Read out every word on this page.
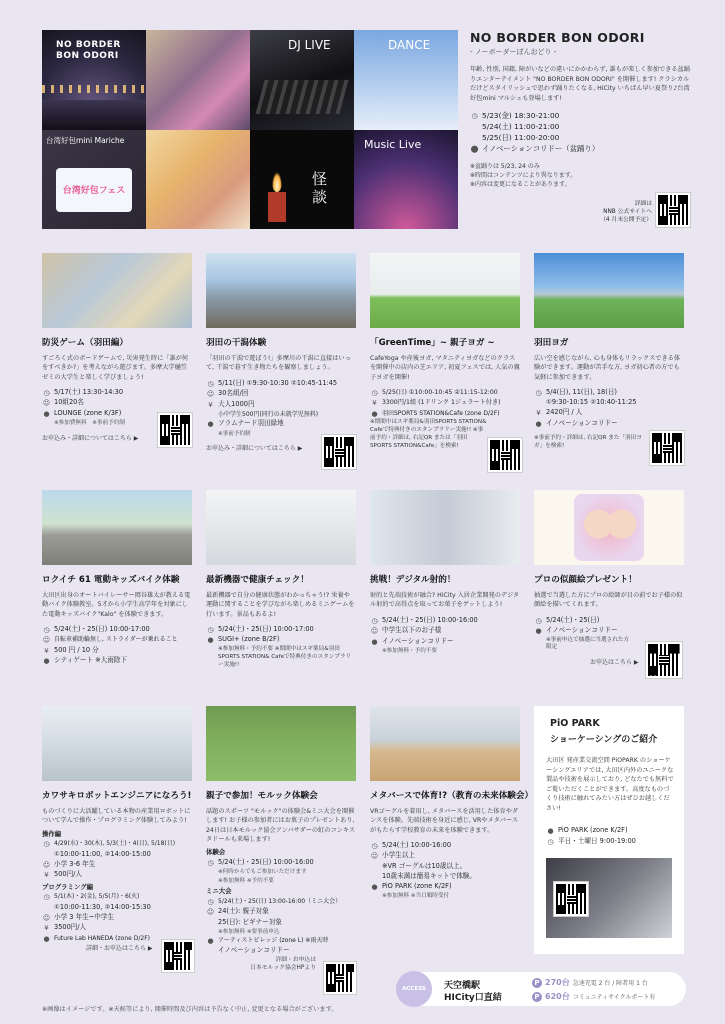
NO BORDER
BON ODORI
DJ LIVE	DANCE
台湾好包mini Mariche
台湾好包フェス
怪談
Music Live
NO BORDER BON ODORI
- ノーボーダーぼんおどり -
年齢, 性別, 国籍, 障がいなどの違いにかかわらず, 誰もが楽しく参加できる盆踊りエンターテイメント "NO BORDER BON ODORI" を開催します! クラシカルだけどスタイリッシュで思わず踊りたくなる, HiCity いちばん早い夏祭り♪台湾好包mini マルシェも登場します!
◷ 5/23(金) 18:30-21:00
5/24(土) 11:00-21:00
5/25(日) 11:00-20:00
⬤ イノベーションコリドー（盆踊り）
※盆踊りは 5/23, 24 のみ
※時間はコンテンツにより異なります。
※内容は変更になることがあります。
詳細は
NNB 公式サイトへ
（4 月末公開予定）
防災ゲーム（羽田編）
すごろく式のボードゲームで, 災害発生時に「誰が何をすべきか?」を考えながら遊びます。多摩大学樋笠ゼミの大学生と楽しく学びましょう!
◷ 5/17(土) 13:30-14:30
☺ 10組20名
● LOUNGE (zone K/3F)
※参加費無料　※事前予約制
お申込み・詳細についてはこちら ▶
羽田の干潟体験
「羽田の干潟で遊ぼう!」多摩川の干潟に直接はいって, 干潟で暮す生き物たちを観察しましょう。
◷ 5/11(日) ①9:30-10:30 ②10:45-11:45
☺ 30名組/回
¥ 大人1000円
小中学生500円(同行の未就学児無料)
● ソラムナード羽田緑地
※事前予約制
お申込み・詳細についてはこちら ▶
「GreenTime」~ 親子ヨガ ~
CafeYoga や産後ヨガ, マタニティヨガなどのクラスを開催中の店内の芝エリア, 初夏フェスでは, 人気の親子ヨガを開催!
◷ 5/25(日) ①10:00-10:45 ②11:15-12:00
¥ 3300円/1組 (1ドリンク 1ジェラート付き)
● 羽田SPORTS STATION&Cafe (zone D/2F)
※期間中はスギ薬局&羽田SPORTS STATION& Cafeで特典付きのスタンプラリー実施!! ※事前予約・詳細は, 右記QR または「羽田SPORTS STATION&Cafe」を検索!
羽田ヨガ
広い空を感じながら, 心も身体もリラックスできる体験ができます。運動が苦手な方, ヨガ初心者の方でも気軽に参加できます。
◷ 5/4(日), 11(日), 18(日)
①9:30-10:15 ②10:40-11:25
¥ 2420円 / 人
● イノベーションコリドー
※事前予約・詳細は, 右記QR また「羽田ヨガ」を検索!
ロクイチ 61 電動キッズバイク体験
大田区出身のオートバイレーサー岡谷雄太が教える電動バイク体験教室。5才から小学生高学年を対象にした電動キッズバイク"Kalo" を体験できます。
◷ 5/24(土)・25(日) 10:00-17:00
☺ 自転車補助輪無し, ストライダーが乗れること
¥ 500 円 / 10 分
● シティゲート ※大雨除下
最新機器で健康チェック！
最新機器で自分の健康状態がわかっちゃう!? 栄養や運動に関することを学びながら楽しめるミニゲームを行います。景品もあるよ!
◷ 5/24(土)・25(日) 10:00-17:00
● SUGI+ (zone B/2F)
※参加無料・予約不要 ※期間中はスギ薬局&羽田SPORTS STATION& Cafeで特典付きのスタンプラリー実施!!
挑戦！デジタル射的！
射的と先端技術が融合? HiCity 入居企業開発のデジタル射的で高得点を取ってお菓子をゲットしよう!
◷ 5/24(土)・25(日) 10:00-16:00
☺ 中学生以下のお子様
● イノベーションコリドー
※参加無料・予約不要
プロの似顔絵プレゼント！
抽選で当選した方にプロの絵師が目の前でお子様の似顔絵を描いてくれます。
◷ 5/24(土)・25(日)
● イノベーションコリドー
※事前申込で抽選に当選された方限定
お申込はこちら ▶
カワサキロボットエンジニアになろう!
ものづくりに大活躍している本物の産業用ロボットについて学んで操作・プログラミング体験してみよう!
操作編
◷ 4/29(水)・30(木), 5/3(土)・4(日), 5/18(日)
①10:00-11:00, ②14:00-15:00
☺ 小学 3-6 年生
¥ 500円/人
プログラミング編
◷ 5/1(木)・2(金), 5/5(月)・6(火)
①10:00-11:30, ②14:00-15:30
☺ 小学 3 年生~中学生
¥ 3500円/人
● Future Lab HANEDA (zone D/2F)
詳細・お申込はこちら ▶
親子で参加！モルック体験会
話題のスポーツ "モルック"の体験会&ミニ大会を開催します! お子様の参加者にはお菓子のプレゼントあり, 24日は日本モルック協会アンバサダーの虹のコンキスタドールも来場します!
体験会
◷ 5/24(土)・25(日) 10:00-16:00
※何時からでもご参加いただけます
※参加無料 ※予約不要
ミニ大会
◷ 5/24(土)・25(日) 13:00-16:00（ミニ大会）
☺ 24(土): 親子対象
25(日): ビギナー対象
※参加無料 ※要事前申込
● アーティストビレッジ (zone L) ※雨天時
イノベーションコリドー
詳細・お申込は
日本モルック協会HPより
メタバースで体育!?（教育の未来体験会）
VRゴーグルを着用し, メタバースを活用した体育やダンスを体験。先端技術を身近に感じ, VRやメタバースがもたらす学校教育の未来を体験できます。
◷ 5/24(土) 10:00-16:00
☺ 小学生以上
※VR ゴーグルは10歳以上。
10歳未満は簡易キットで体験。
● PiO PARK (zone K/2F)
※参加無料 ※当日順時受付
PiO PARK
ショーケーシングのご紹介
大田区 発産業交流空間 PiOPARK のショーケーシングエリアでは, 大田区内外のユニークな製品や技術を展示しており, どなたでも無料でご覧いただくことができます。高度なものづくり技術に触れてみたい方はぜひお越しください!
● PiO PARK (zone K/2F)
◷ 平日・土曜日 9:00-19:00
ACCESS	天空橋駅
HICity口直結
P 270台 急速充電 2 台 / 障者用 1 台
P 620台 コミュニティサイクルポート有
※画像はイメージです。※天候等により, 開催時間及び内容は予告なく中止, 変更となる場合がございます。
